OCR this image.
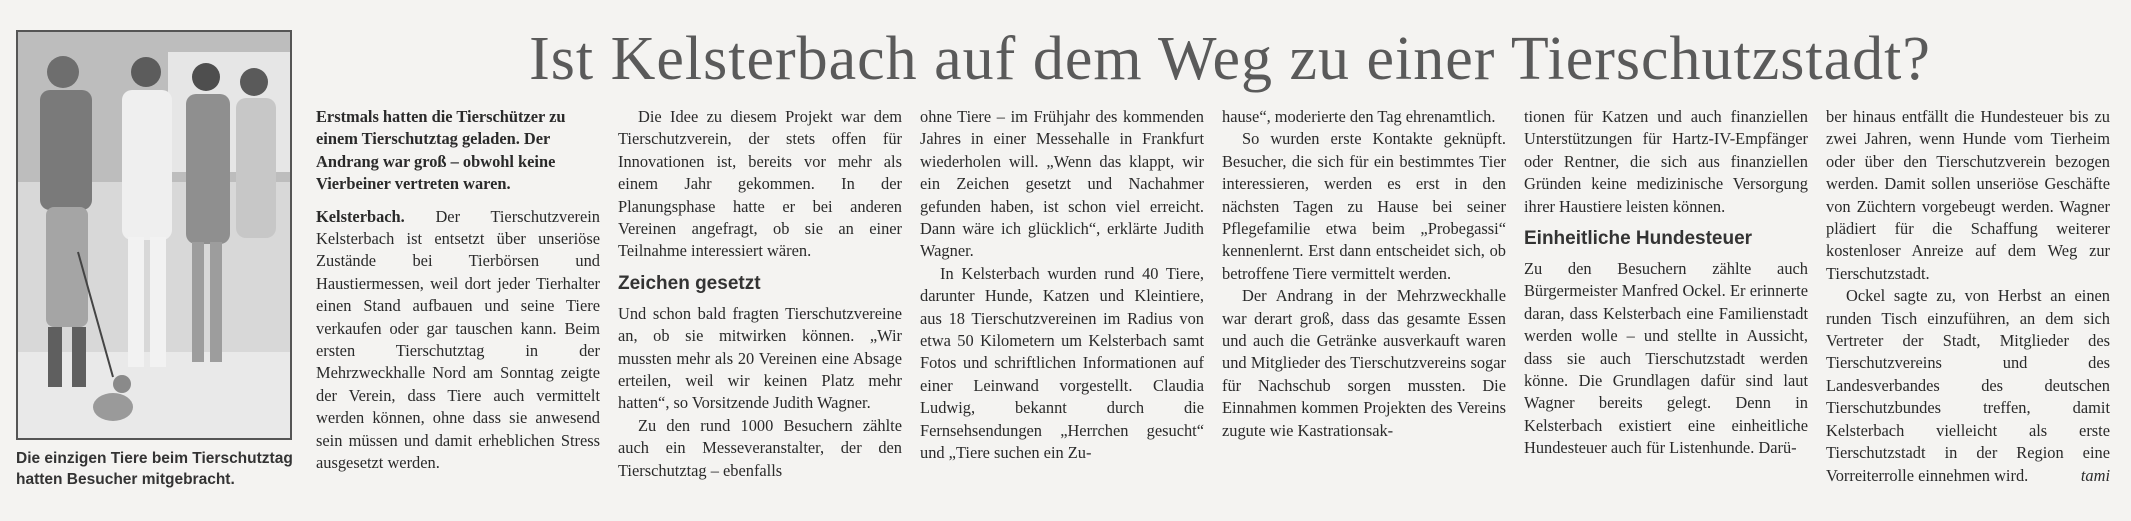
Die einzigen Tiere beim Tierschutztag hatten Besucher mitgebracht.
Ist Kelsterbach auf dem Weg zu einer Tierschutzstadt?

Erstmals hatten die Tierschützer zu einem Tierschutztag geladen. Der Andrang war groß – obwohl keine Vierbeiner vertreten waren.

Kelsterbach. Der Tierschutzverein Kelsterbach ist entsetzt über unseriöse Zustände bei Tierbörsen und Haustiermessen, weil dort jeder Tierhalter einen Stand aufbauen und seine Tiere verkaufen oder gar tauschen kann. Beim ersten Tierschutztag in der Mehrzweckhalle Nord am Sonntag zeigte der Verein, dass Tiere auch vermittelt werden können, ohne dass sie anwesend sein müssen und damit erheblichen Stress ausgesetzt werden.

Die Idee zu diesem Projekt war dem Tierschutzverein, der stets offen für Innovationen ist, bereits vor mehr als einem Jahr gekommen. In der Planungsphase hatte er bei anderen Vereinen angefragt, ob sie an einer Teilnahme interessiert wären.

Zeichen gesetzt

Und schon bald fragten Tierschutzvereine an, ob sie mitwirken können. „Wir mussten mehr als 20 Vereinen eine Absage erteilen, weil wir keinen Platz mehr hatten“, so Vorsitzende Judith Wagner.

Zu den rund 1000 Besuchern zählte auch ein Messeveranstalter, der den Tierschutztag – ebenfalls

ohne Tiere – im Frühjahr des kommenden Jahres in einer Messehalle in Frankfurt wiederholen will. „Wenn das klappt, wir ein Zeichen gesetzt und Nachahmer gefunden haben, ist schon viel erreicht. Dann wäre ich glücklich“, erklärte Judith Wagner.

In Kelsterbach wurden rund 40 Tiere, darunter Hunde, Katzen und Kleintiere, aus 18 Tierschutzvereinen im Radius von etwa 50 Kilometern um Kelsterbach samt Fotos und schriftlichen Informationen auf einer Leinwand vorgestellt. Claudia Ludwig, bekannt durch die Fernsehsendungen „Herrchen gesucht“ und „Tiere suchen ein Zu-

hause“, moderierte den Tag ehrenamtlich.

So wurden erste Kontakte geknüpft. Besucher, die sich für ein bestimmtes Tier interessieren, werden es erst in den nächsten Tagen zu Hause bei seiner Pflegefamilie etwa beim „Probegassi“ kennenlernt. Erst dann entscheidet sich, ob betroffene Tiere vermittelt werden.

Der Andrang in der Mehrzweckhalle war derart groß, dass das gesamte Essen und auch die Getränke ausverkauft waren und Mitglieder des Tierschutzvereins sogar für Nachschub sorgen mussten. Die Einnahmen kommen Projekten des Vereins zugute wie Kastrationsak-

tionen für Katzen und auch finanziellen Unterstützungen für Hartz-IV-Empfänger oder Rentner, die sich aus finanziellen Gründen keine medizinische Versorgung ihrer Haustiere leisten können.

Einheitliche Hundesteuer

Zu den Besuchern zählte auch Bürgermeister Manfred Ockel. Er erinnerte daran, dass Kelsterbach eine Familienstadt werden wolle – und stellte in Aussicht, dass sie auch Tierschutzstadt werden könne. Die Grundlagen dafür sind laut Wagner bereits gelegt. Denn in Kelsterbach existiert eine einheitliche Hundesteuer auch für Listenhunde. Darü-

ber hinaus entfällt die Hundesteuer bis zu zwei Jahren, wenn Hunde vom Tierheim oder über den Tierschutzverein bezogen werden. Damit sollen unseriöse Geschäfte von Züchtern vorgebeugt werden. Wagner plädiert für die Schaffung weiterer kostenloser Anreize auf dem Weg zur Tierschutzstadt.

Ockel sagte zu, von Herbst an einen runden Tisch einzuführen, an dem sich Vertreter der Stadt, Mitglieder des Tierschutzvereins und des Landesverbandes des deutschen Tierschutzbundes treffen, damit Kelsterbach vielleicht als erste Tierschutzstadt in der Region eine Vorreiterrolle einnehmen wird.	tami
